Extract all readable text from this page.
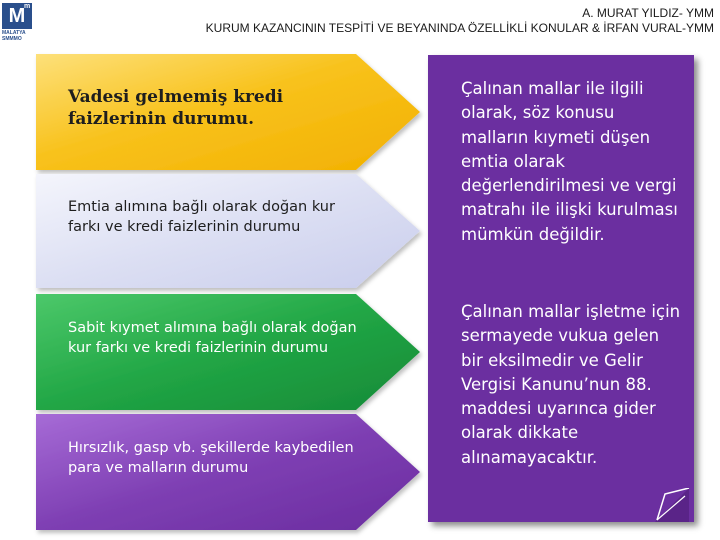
M
m
MALATYA SMMMO
A. MURAT YILDIZ- YMM
KURUM KAZANCININ TESPİTİ VE BEYANINDA ÖZELLİKLİ KONULAR & İRFAN VURAL-YMM
Vadesi gelmemiş kredi faizlerinin durumu.
Emtia alımına bağlı olarak doğan kur farkı ve kredi faizlerinin durumu
Sabit kıymet alımına bağlı olarak doğan kur farkı ve kredi faizlerinin durumu
Hırsızlık, gasp vb. şekillerde kaybedilen para ve malların durumu
Çalınan mallar ile ilgili olarak, söz konusu malların kıymeti düşen emtia olarak değerlendirilmesi ve vergi matrahı ile ilişki kurulması mümkün değildir.
Çalınan mallar işletme için sermayede vukua gelen bir eksilmedir ve Gelir Vergisi Kanunu’nun 88. maddesi uyarınca gider olarak dikkate alınamayacaktır.
